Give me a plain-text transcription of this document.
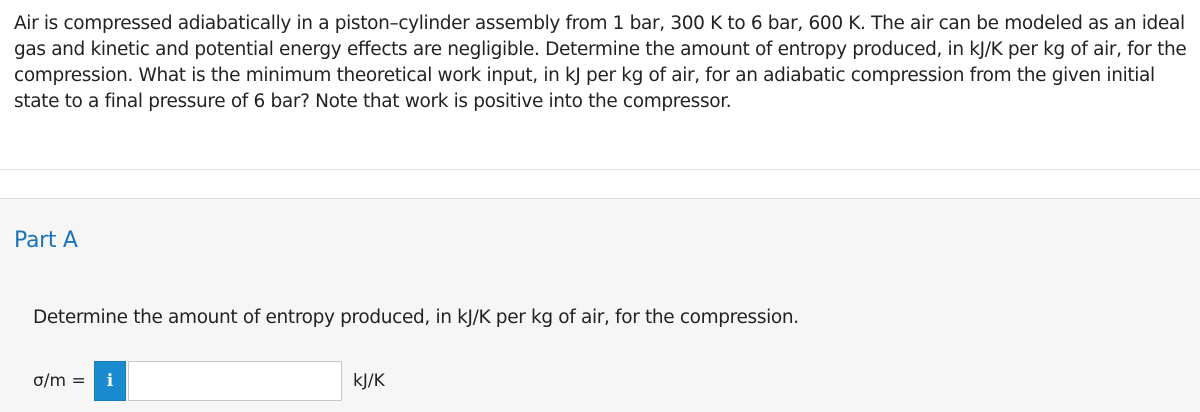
Air is compressed adiabatically in a piston–cylinder assembly from 1 bar, 300 K to 6 bar, 600 K. The air can be modeled as an ideal gas and kinetic and potential energy effects are negligible. Determine the amount of entropy produced, in kJ/K per kg of air, for the compression. What is the minimum theoretical work input, in kJ per kg of air, for an adiabatic compression from the given initial state to a final pressure of 6 bar? Note that work is positive into the compressor.
Part A
Determine the amount of entropy produced, in kJ/K per kg of air, for the compression.
σ/m =	i	kJ/K
